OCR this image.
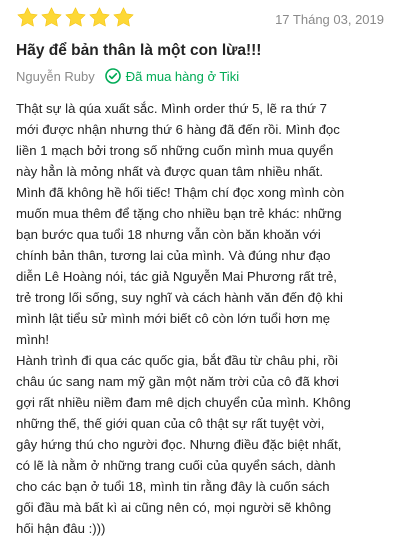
17 Tháng 03, 2019
Hãy để bản thân là một con lừa!!!
Nguyễn Ruby Đã mua hàng ở Tiki

Thật sự là qúa xuất sắc. Mình order thứ 5, lẽ ra thứ 7

mới được nhận nhưng thứ 6 hàng đã đến rồi. Mình đọc

liền 1 mạch bởi trong số những cuốn mình mua quyển

này hẳn là mỏng nhất và được quan tâm nhiều nhất.

Mình đã không hề hối tiếc! Thậm chí đọc xong mình còn

muốn mua thêm để tặng cho nhiều bạn trẻ khác: những

bạn bước qua tuổi 18 nhưng vẫn còn băn khoăn với

chính bản thân, tương lai của mình. Và đúng như đạo

diễn Lê Hoàng nói, tác giả Nguyễn Mai Phương rất trẻ,

trẻ trong lối sống, suy nghĩ và cách hành văn đến độ khi

mình lật tiểu sử mình mới biết cô còn lớn tuổi hơn mẹ

mình!

Hành trình đi qua các quốc gia, bắt đầu từ châu phi, rồi

châu úc sang nam mỹ gần một năm trời của cô đã khơi

gợi rất nhiều niềm đam mê dịch chuyển của mình. Không

những thế, thế giới quan của cô thật sự rất tuyệt vời,

gây hứng thú cho người đọc. Nhưng điều đặc biệt nhất,

có lẽ là nằm ở những trang cuối của quyển sách, dành

cho các bạn ở tuổi 18, mình tin rằng đây là cuốn sách

gối đầu mà bất kì ai cũng nên có, mọi người sẽ không

hối hận đâu :)))
